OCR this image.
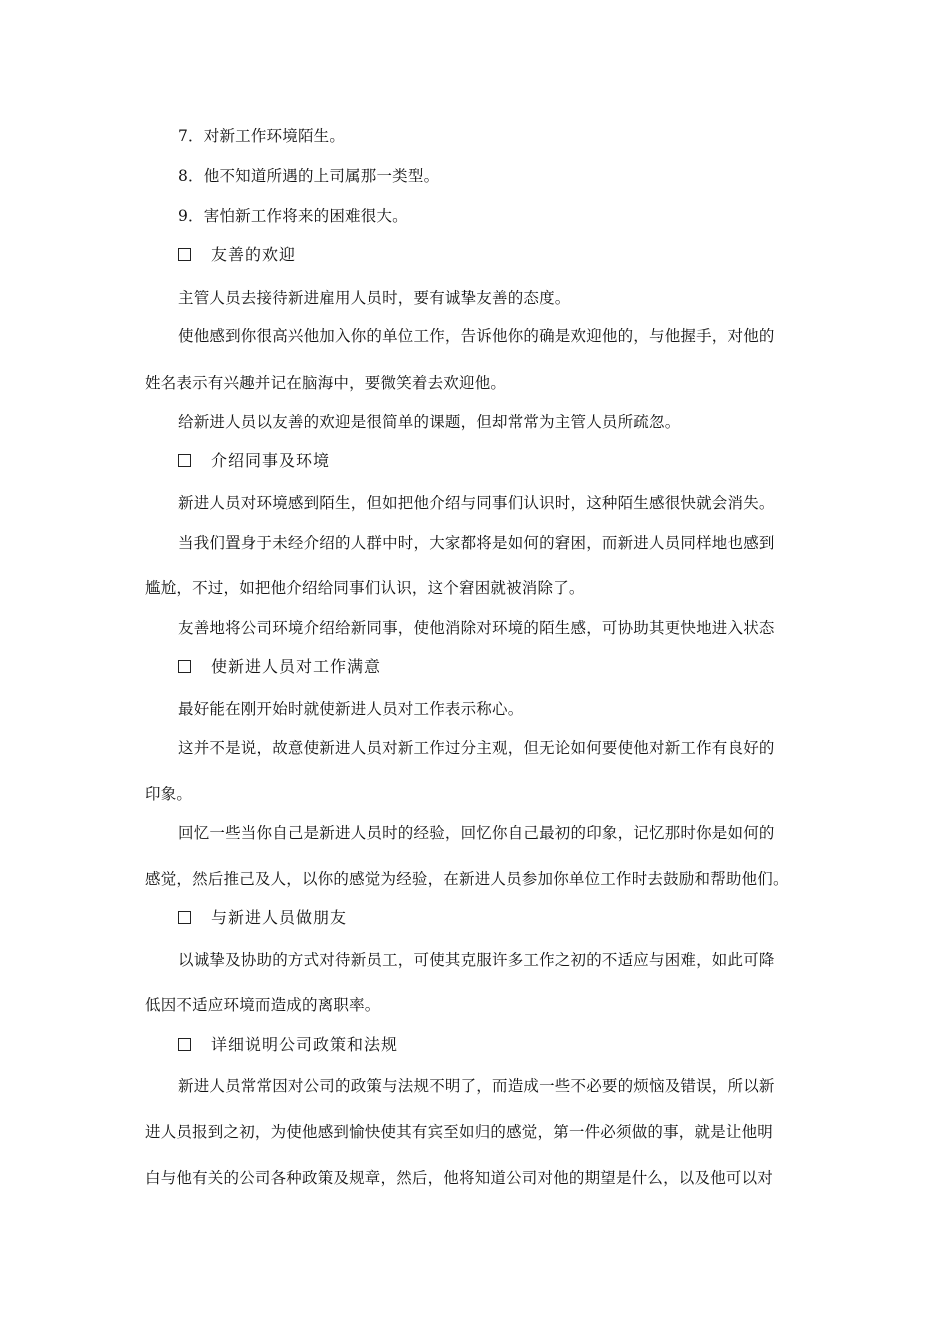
7．对新工作环境陌生。
8．他不知道所遇的上司属那一类型。
9．害怕新工作将来的困难很大。
友善的欢迎
主管人员去接待新进雇用人员时，要有诚挚友善的态度。
使他感到你很高兴他加入你的单位工作，告诉他你的确是欢迎他的，与他握手，对他的
姓名表示有兴趣并记在脑海中，要微笑着去欢迎他。
给新进人员以友善的欢迎是很简单的课题，但却常常为主管人员所疏忽。
介绍同事及环境
新进人员对环境感到陌生，但如把他介绍与同事们认识时，这种陌生感很快就会消失。
当我们置身于未经介绍的人群中时，大家都将是如何的窘困，而新进人员同样地也感到
尴尬，不过，如把他介绍给同事们认识，这个窘困就被消除了。
友善地将公司环境介绍给新同事，使他消除对环境的陌生感，可协助其更快地进入状态
使新进人员对工作满意
最好能在刚开始时就使新进人员对工作表示称心。
这并不是说，故意使新进人员对新工作过分主观，但无论如何要使他对新工作有良好的
印象。
回忆一些当你自己是新进人员时的经验，回忆你自己最初的印象，记忆那时你是如何的
感觉，然后推己及人，以你的感觉为经验，在新进人员参加你单位工作时去鼓励和帮助他们。
与新进人员做朋友
以诚挚及协助的方式对待新员工，可使其克服许多工作之初的不适应与困难，如此可降
低因不适应环境而造成的离职率。
详细说明公司政策和法规
新进人员常常因对公司的政策与法规不明了，而造成一些不必要的烦恼及错误，所以新
进人员报到之初，为使他感到愉快使其有宾至如归的感觉，第一件必须做的事，就是让他明
白与他有关的公司各种政策及规章，然后，他将知道公司对他的期望是什么，以及他可以对
